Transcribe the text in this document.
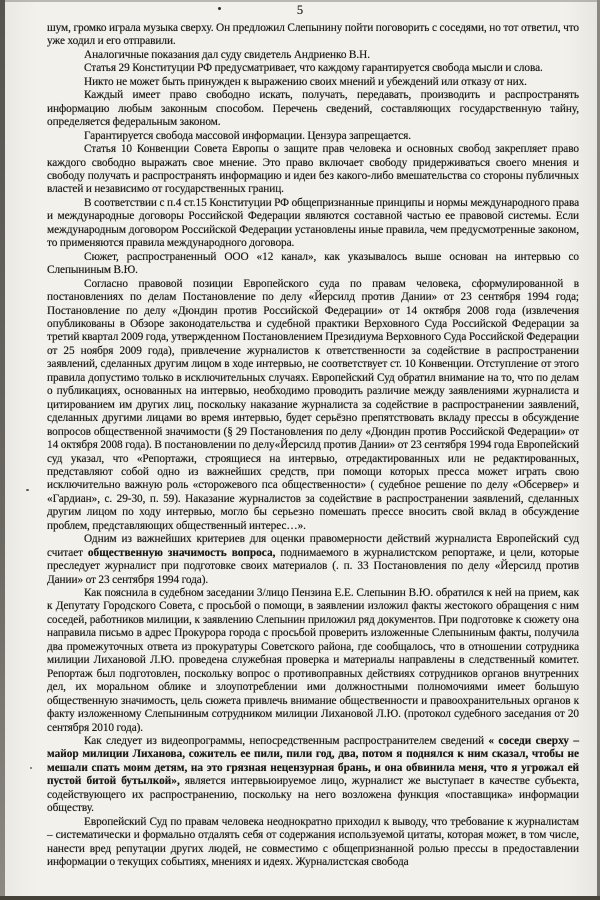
5

шум, громко играла музыка сверху. Он предложил Слепынину пойти поговорить с соседями, но тот ответил, что уже ходил и его отправили.

Аналогичные показания дал суду свидетель Андриенко В.Н.

Статья 29 Конституции РФ предусматривает, что каждому гарантируется свобода мысли и слова.

Никто не может быть принужден к выражению своих мнений и убеждений или отказу от них.

Каждый имеет право свободно искать, получать, передавать, производить и распространять информацию любым законным способом. Перечень сведений, составляющих государственную тайну, определяется федеральным законом.

Гарантируется свобода массовой информации. Цензура запрещается.

Статья 10 Конвенции Совета Европы о защите прав человека и основных свобод закрепляет право каждого свободно выражать свое мнение. Это право включает свободу придерживаться своего мнения и свободу получать и распространять информацию и идеи без какого-либо вмешательства со стороны публичных властей и независимо от государственных границ.

В соответствии с п.4 ст.15 Конституции РФ общепризнанные принципы и нормы международного права и международные договоры Российской Федерации являются составной частью ее правовой системы. Если международным договором Российской Федерации установлены иные правила, чем предусмотренные законом, то применяются правила международного договора.

Сюжет, распространенный ООО «12 канал», как указывалось выше основан на интервью со Слепыниным В.Ю.

Согласно правовой позиции Европейского суда по правам человека, сформулированной в постановлениях по делам Постановление по делу «Йерсилд против Дании» от 23 сентября 1994 года; Постановление по делу «Дюндин против Российской Федерации» от 14 октября 2008 года (извлечения опубликованы в Обзоре законодательства и судебной практики Верховного Суда Российской Федерации за третий квартал 2009 года, утвержденном Постановлением Президиума Верховного Суда Российской Федерации от 25 ноября 2009 года), привлечение журналистов к ответственности за содействие в распространении заявлений, сделанных другим лицом в ходе интервью, не соответствует ст. 10 Конвенции. Отступление от этого правила допустимо только в исключительных случаях. Европейский Суд обратил внимание на то, что по делам о публикациях, основанных на интервью, необходимо проводить различие между заявлениями журналиста и цитированием им других лиц, поскольку наказание журналиста за содействие в распространении заявлений, сделанных другими лицами во время интервью, будет серьёзно препятствовать вкладу прессы в обсуждение вопросов общественной значимости (§ 29 Постановления по делу «Дюндин против Российской Федерации» от 14 октября 2008 года). В постановлении по делу«Йерсилд против Дании» от 23 сентября 1994 года Европейский суд указал, что «Репортажи, строящиеся на интервью, отредактированных или не редактированных, представляют собой одно из важнейших средств, при помощи которых пресса может играть свою исключительно важную роль «сторожевого пса общественности» ( судебное решение по делу «Обсервер» и «Гардиан», с. 29-30, п. 59). Наказание журналистов за содействие в распространении заявлений, сделанных другим лицом по ходу интервью, могло бы серьезно помешать прессе вносить свой вклад в обсуждение проблем, представляющих общественный интерес…».

Одним из важнейших критериев для оценки правомерности действий журналиста Европейский суд считает общественную значимость вопроса, поднимаемого в журналистском репортаже, и цели, которые преследует журналист при подготовке своих материалов (. п. 33 Постановления по делу «Йерсилд против Дании» от 23 сентября 1994 года).

Как пояснила в судебном заседании 3/лицо Пензина Е.Е. Слепынин В.Ю. обратился к ней на прием, как к Депутату Городского Совета, с просьбой о помощи, в заявлении изложил факты жестокого обращения с ним соседей, работников милиции, к заявлению Слепынин приложил ряд документов. При подготовке к сюжету она направила письмо в адрес Прокурора города с просьбой проверить изложенные Слепыниным факты, получила два промежуточных ответа из прокуратуры Советского района, где сообщалось, что в отношении сотрудника милиции Лихановой Л.Ю. проведена служебная проверка и материалы направлены в следственный комитет. Репортаж был подготовлен, поскольку вопрос о противоправных действиях сотрудников органов внутренних дел, их моральном облике и злоупотреблении ими должностными полномочиями имеет большую общественную значимость, цель сюжета привлечь внимание общественности и правоохранительных органов к факту изложенному Слепыниным сотрудником милиции Лихановой Л.Ю. (протокол судебного заседания от 20 сентября 2010 года).

Как следует из видеопрограммы, непосредственным распространителем сведений « соседи сверху – майор милиции Лиханова, сожитель ее пили, пили год, два, потом я поднялся к ним сказал, чтобы не мешали спать моим детям, на это грязная нецензурная брань, и она обвинила меня, что я угрожал ей пустой битой бутылкой», является интервьюируемое лицо, журналист же выступает в качестве субъекта, содействующего их распространению, поскольку на него возложена функция «поставщика» информации обществу.

Европейский Суд по правам человека неоднократно приходил к выводу, что требование к журналистам – систематически и формально отдалять себя от содержания используемой цитаты, которая может, в том числе, нанести вред репутации других людей, не совместимо с общепризнанной ролью прессы в предоставлении информации о текущих событиях, мнениях и идеях. Журналистская свобода
